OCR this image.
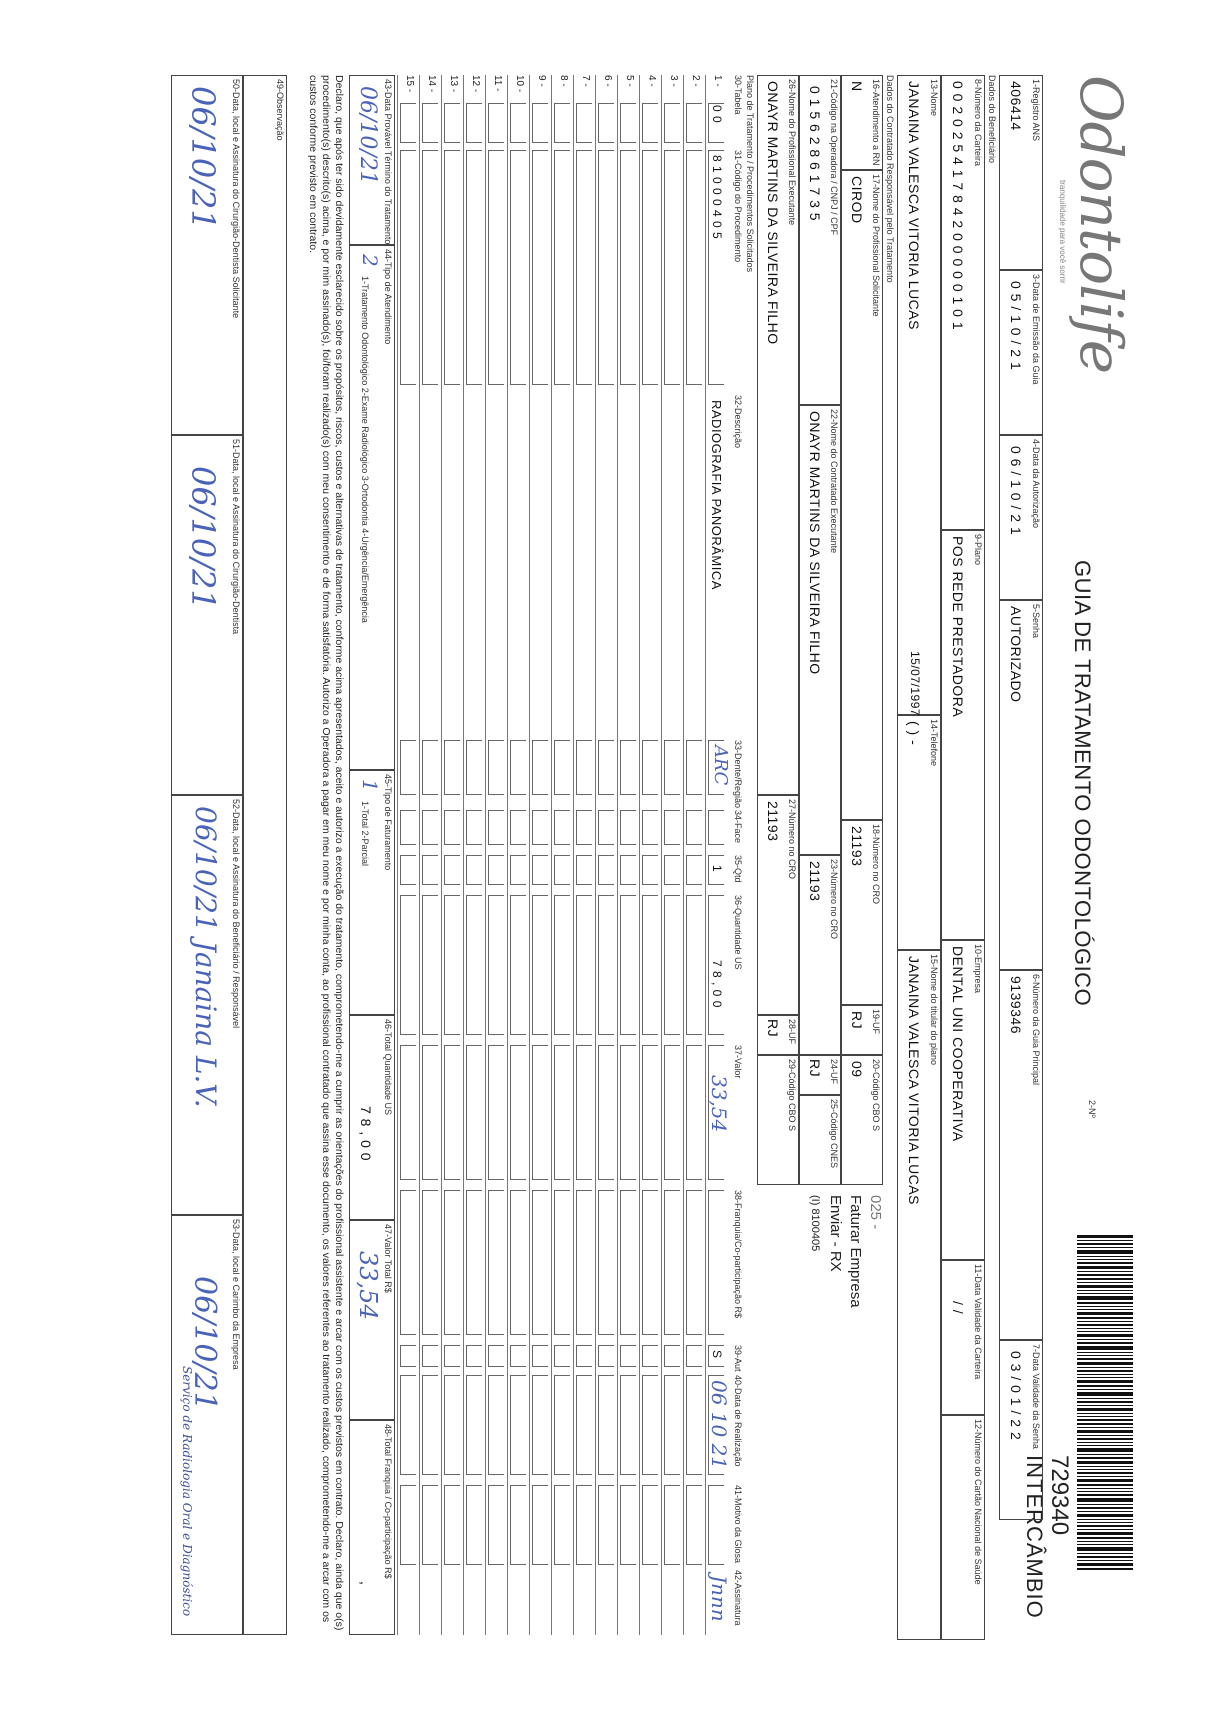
Odontolife
tranquilidade para você sorrir
GUIA DE TRATAMENTO ODONTOLÓGICO
2-Nº
729340
INTERCÂMBIO
1-Registro ANS
406414
3-Data de Emissão da Guia
0 5 / 1 0 / 2 1
4-Data da Autorização
0 6 / 1 0 / 2 1
5-Senha
AUTORIZADO
6-Número da Guia Principal
9139346
7-Data Validade da Senha
0 3 / 0 1 / 2 2
Dados do Beneficiário
8-Número da Carteira
0 0 2 0 2 5 4 1 7 8 4 2 0 0 0 0 0 1 0 1
9-Plano
POS REDE PRESTADORA
10-Empresa
DENTAL UNI COOPERATIVA
11-Data Validade da Carteira
/ /
12-Número do Cartão Nacional de Saúde
13-Nome
JANAINA VALESCA VITORIA LUCAS
15/07/1997
14-Telefone
( ) -
15-Nome do titular do plano
JANAINA VALESCA VITORIA LUCAS
Dados do Contratado Responsável pelo Tratamento
16-Atendimento a RN
N
17-Nome do Profissional Solicitante
CIROD
18-Número no CRO
21193
19-UF
RJ
20-Código CBO S
09
21-Código na Operadora / CNPJ / CPF
0 1 5 6 2 8 6 1 7 3 5
22-Nome do Contratado Executante
ONAYR MARTINS DA SILVEIRA FILHO
23-Número no CRO
21193
24-UF
RJ
25-Código CNES
26-Nome do Profissional Executante
ONAYR MARTINS DA SILVEIRA FILHO
27-Número no CRO
21193
28-UF
RJ
29-Código CBO S
025 -
Faturar Empresa
Enviar - RX
(I) 8100405
Plano de Tratamento / Procedimentos Solicitados
30-Tabela
31-Código do Procedimento
32-Descrição
33-Dente/Região
34-Face
35-Qtd
36-Quantidade US
37-Valor
38-Franquia/Co-participação R$
39-Aut
40-Data de Realização
41-Motivo da Glosa
42-Assinatura
1 -
0 0
8 1 0 0 0 4 0 5
RADIOGRAFIA PANORÂMICA
ARC
1
7 8 , 0 0
33,54
S
06 10 21
Jnnn
2 -
3 -
4 -
5 -
6 -
7 -
8 -
9 -
10 -
11 -
12 -
13 -
14 -
15 -
43-Data Provável Término do Tratamento
06/10/21
44-Tipo de Atendimento
2
1-Tratamento Odontológico 2-Exame Radiológico 3-Ortodontia 4-Urgência/Emergência
45-Tipo de Faturamento
1
1-Total 2-Parcial
46-Total Quantidade US
7 8 , 0 0
47-Valor Total R$
33,54
48-Total Franquia / Co-participação R$
,
Declaro, que após ter sido devidamente esclarecido sobre os propósitos, riscos, custos e alternativas de tratamento, conforme acima apresentados, aceito e autorizo a execução do tratamento, comprometendo-me a cumprir as orientações do profissional assistente e arcar com os custos previstos em contrato. Declaro, ainda que o(s) procedimento(s) descrito(s) acima, e por mim assinado(s), foi/foram realizado(s) com meu consentimento e de forma satisfatória. Autorizo a Operadora a pagar em meu nome e por minha conta, ao profissional contratado que assina esse documento, os valores referentes ao tratamento realizado, comprometendo-me a arcar com os custos conforme previsto em contrato.
49-Observação
50-Data, local e Assinatura do Cirurgião-Dentista Solicitante
06/10/21
51-Data, local e Assinatura do Cirurgião-Dentista
06/10/21
52-Data, local e Assinatura do Beneficiário / Responsável
06/10/21 Janaina L.V.
53-Data, local e Carimbo da Empresa
06/10/21
Serviço de Radiologia Oral e Diagnóstico
